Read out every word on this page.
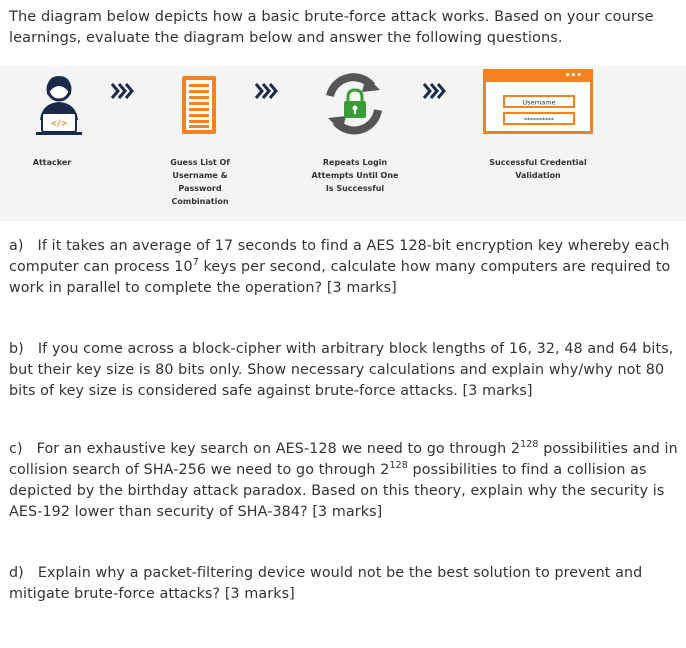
The diagram below depicts how a basic brute-force attack works. Based on your course learnings, evaluate the diagram below and answer the following questions.
</>
•••
Username
**********
Attacker	Guess List Of Username & Password Combination
Repeats Login Attempts Until One Is Successful
Successful Credential Validation
a) If it takes an average of 17 seconds to find a AES 128-bit encryption key whereby each computer can process $10^7$ keys per second, calculate how many computers are required to work in parallel to complete the operation? [3 marks]
b) If you come across a block-cipher with arbitrary block lengths of 16, 32, 48 and 64 bits, but their key size is 80 bits only. Show necessary calculations and explain why/why not 80 bits of key size is considered safe against brute-force attacks. [3 marks]
c) For an exhaustive key search on AES-128 we need to go through $2^{128}$ possibilities and in collision search of SHA-256 we need to go through $2^{128}$ possibilities to find a collision as depicted by the birthday attack paradox. Based on this theory, explain why the security is AES-192 lower than security of SHA-384? [3 marks]
d) Explain why a packet-filtering device would not be the best solution to prevent and mitigate brute-force attacks? [3 marks]
